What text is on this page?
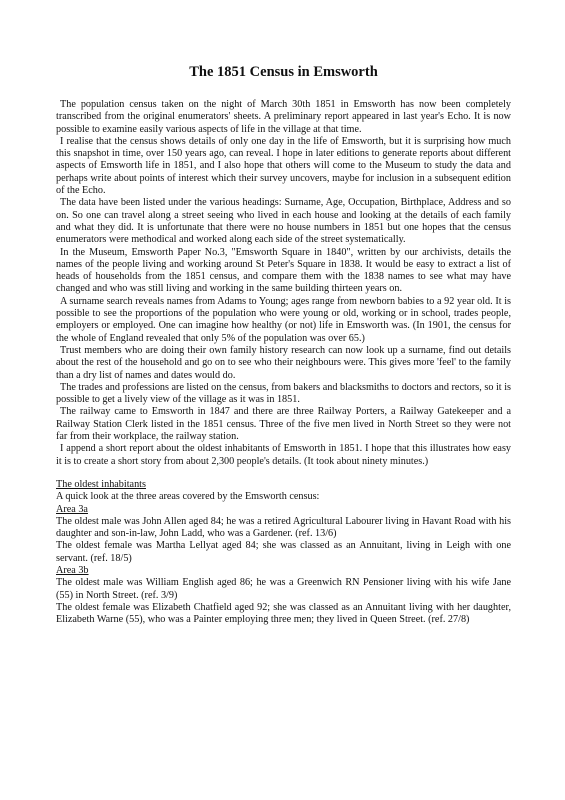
The 1851 Census in Emsworth

The population census taken on the night of March 30th 1851 in Emsworth has now been completely transcribed from the original enumerators' sheets. A preliminary report appeared in last year's Echo. It is now possible to examine easily various aspects of life in the village at that time.

I realise that the census shows details of only one day in the life of Emsworth, but it is surprising how much this snapshot in time, over 150 years ago, can reveal. I hope in later editions to generate reports about different aspects of Emsworth life in 1851, and I also hope that others will come to the Museum to study the data and perhaps write about points of interest which their survey uncovers, maybe for inclusion in a subsequent edition of the Echo.

The data have been listed under the various headings: Surname, Age, Occupation, Birthplace, Address and so on. So one can travel along a street seeing who lived in each house and looking at the details of each family and what they did. It is unfortunate that there were no house numbers in 1851 but one hopes that the census enumerators were methodical and worked along each side of the street systematically.

In the Museum, Emsworth Paper No.3, "Emsworth Square in 1840", written by our archivists, details the names of the people living and working around St Peter's Square in 1838. It would be easy to extract a list of heads of households from the 1851 census, and compare them with the 1838 names to see what may have changed and who was still living and working in the same building thirteen years on.

A surname search reveals names from Adams to Young; ages range from newborn babies to a 92 year old. It is possible to see the proportions of the population who were young or old, working or in school, trades people, employers or employed. One can imagine how healthy (or not) life in Emsworth was. (In 1901, the census for the whole of England revealed that only 5% of the population was over 65.)

Trust members who are doing their own family history research can now look up a surname, find out details about the rest of the household and go on to see who their neighbours were. This gives more 'feel' to the family than a dry list of names and dates would do.

The trades and professions are listed on the census, from bakers and blacksmiths to doctors and rectors, so it is possible to get a lively view of the village as it was in 1851.

The railway came to Emsworth in 1847 and there are three Railway Porters, a Railway Gatekeeper and a Railway Station Clerk listed in the 1851 census. Three of the five men lived in North Street so they were not far from their workplace, the railway station.

I append a short report about the oldest inhabitants of Emsworth in 1851. I hope that this illustrates how easy it is to create a short story from about 2,300 people's details. (It took about ninety minutes.)

The oldest inhabitants

A quick look at the three areas covered by the Emsworth census:

Area 3a

The oldest male was John Allen aged 84; he was a retired Agricultural Labourer living in Havant Road with his daughter and son-in-law, John Ladd, who was a Gardener. (ref. 13/6)

The oldest female was Martha Lellyat aged 84; she was classed as an Annuitant, living in Leigh with one servant. (ref. 18/5)

Area 3b

The oldest male was William English aged 86; he was a Greenwich RN Pensioner living with his wife Jane (55) in North Street. (ref. 3/9)

The oldest female was Elizabeth Chatfield aged 92; she was classed as an Annuitant living with her daughter, Elizabeth Warne (55), who was a Painter employing three men; they lived in Queen Street. (ref. 27/8)
